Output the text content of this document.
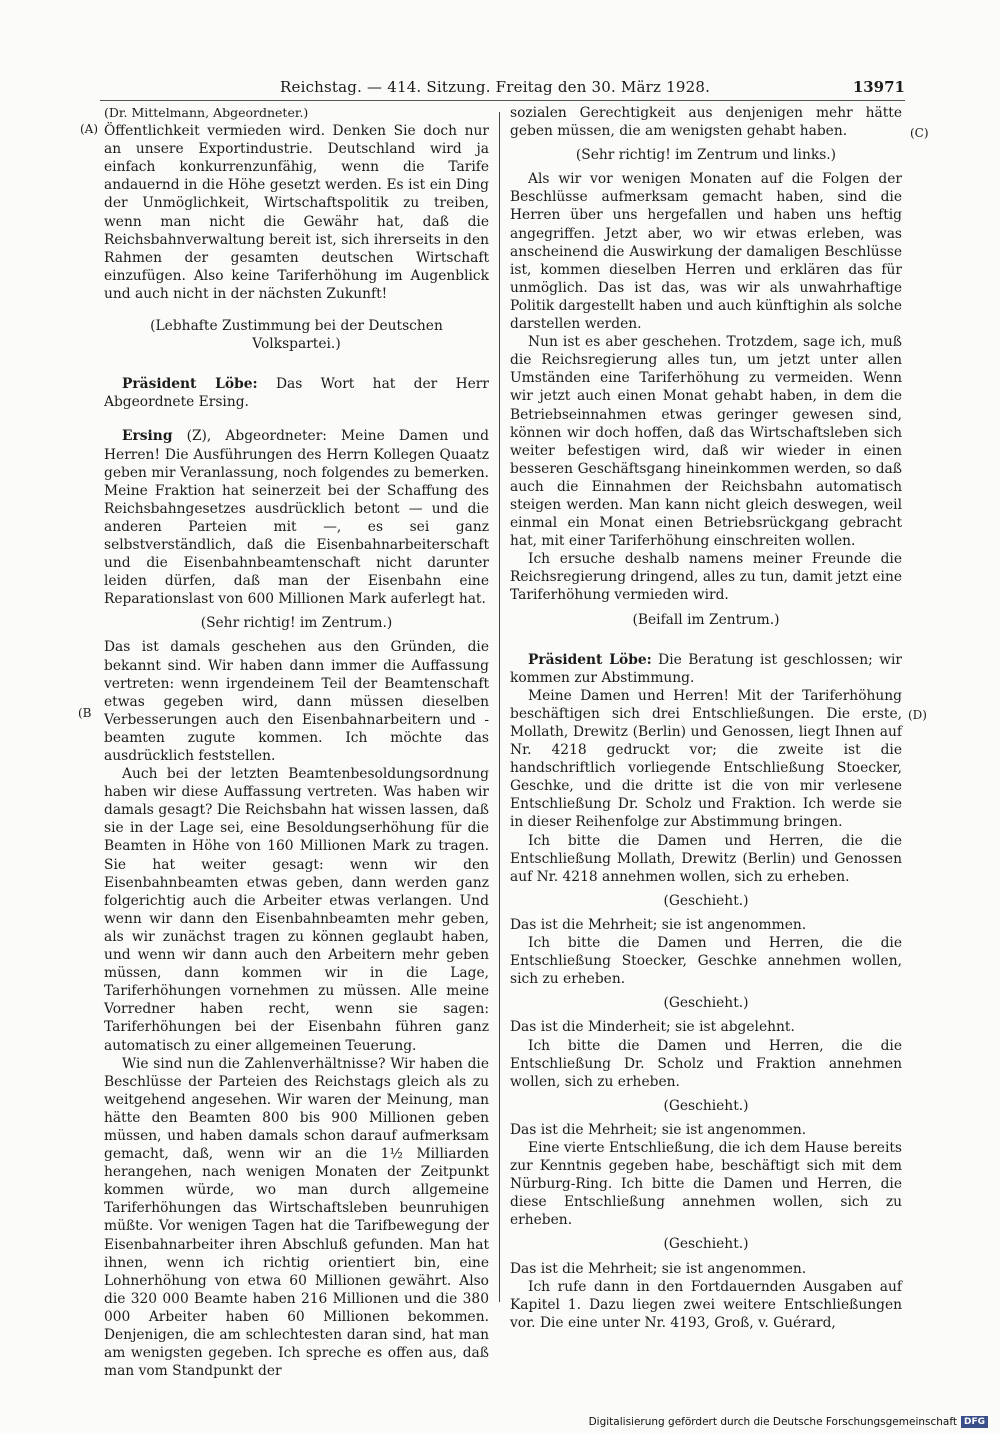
Reichstag. — 414. Sitzung. Freitag den 30. März 1928.	13971
(A)
(B
(C)
(D)

(Dr. Mittelmann, Abgeordneter.)

Öffentlichkeit vermieden wird. Denken Sie doch nur an unsere Exportindustrie. Deutschland wird ja einfach konkurrenzunfähig, wenn die Tarife andauernd in die Höhe gesetzt werden. Es ist ein Ding der Unmöglichkeit, Wirtschaftspolitik zu treiben, wenn man nicht die Gewähr hat, daß die Reichsbahnverwaltung bereit ist, sich ihrerseits in den Rahmen der gesamten deutschen Wirtschaft einzufügen. Also keine Tariferhöhung im Augenblick und auch nicht in der nächsten Zukunft!

(Lebhafte Zustimmung bei der Deutschen Volkspartei.)

Präsident Löbe: Das Wort hat der Herr Abgeordnete Ersing.

Ersing (Z), Abgeordneter: Meine Damen und Herren! Die Ausführungen des Herrn Kollegen Quaatz geben mir Veranlassung, noch folgendes zu bemerken. Meine Fraktion hat seinerzeit bei der Schaffung des Reichsbahngesetzes ausdrücklich betont — und die anderen Parteien mit —, es sei ganz selbstverständlich, daß die Eisenbahnarbeiterschaft und die Eisenbahnbeamtenschaft nicht darunter leiden dürfen, daß man der Eisenbahn eine Reparationslast von 600 Millionen Mark auferlegt hat.

(Sehr richtig! im Zentrum.)

Das ist damals geschehen aus den Gründen, die bekannt sind. Wir haben dann immer die Auffassung vertreten: wenn irgendeinem Teil der Beamtenschaft etwas gegeben wird, dann müssen dieselben Verbesserungen auch den Eisenbahnarbeitern und -beamten zugute kommen. Ich möchte das ausdrücklich feststellen.

Auch bei der letzten Beamtenbesoldungsordnung haben wir diese Auffassung vertreten. Was haben wir damals gesagt? Die Reichsbahn hat wissen lassen, daß sie in der Lage sei, eine Besoldungserhöhung für die Beamten in Höhe von 160 Millionen Mark zu tragen. Sie hat weiter gesagt: wenn wir den Eisenbahnbeamten etwas geben, dann werden ganz folgerichtig auch die Arbeiter etwas verlangen. Und wenn wir dann den Eisenbahnbeamten mehr geben, als wir zunächst tragen zu können geglaubt haben, und wenn wir dann auch den Arbeitern mehr geben müssen, dann kommen wir in die Lage, Tariferhöhungen vornehmen zu müssen. Alle meine Vorredner haben recht, wenn sie sagen: Tariferhöhungen bei der Eisenbahn führen ganz automatisch zu einer allgemeinen Teuerung.

Wie sind nun die Zahlenverhältnisse? Wir haben die Beschlüsse der Parteien des Reichstags gleich als zu weitgehend angesehen. Wir waren der Meinung, man hätte den Beamten 800 bis 900 Millionen geben müssen, und haben damals schon darauf aufmerksam gemacht, daß, wenn wir an die 1½ Milliarden herangehen, nach wenigen Monaten der Zeitpunkt kommen würde, wo man durch allgemeine Tariferhöhungen das Wirtschaftsleben beunruhigen müßte. Vor wenigen Tagen hat die Tarifbewegung der Eisenbahnarbeiter ihren Abschluß gefunden. Man hat ihnen, wenn ich richtig orientiert bin, eine Lohnerhöhung von etwa 60 Millionen gewährt. Also die 320 000 Beamte haben 216 Millionen und die 380 000 Arbeiter haben 60 Millionen bekommen. Denjenigen, die am schlechtesten daran sind, hat man am wenigsten gegeben. Ich spreche es offen aus, daß man vom Standpunkt der

sozialen Gerechtigkeit aus denjenigen mehr hätte geben müssen, die am wenigsten gehabt haben.

(Sehr richtig! im Zentrum und links.)

Als wir vor wenigen Monaten auf die Folgen der Beschlüsse aufmerksam gemacht haben, sind die Herren über uns hergefallen und haben uns heftig angegriffen. Jetzt aber, wo wir etwas erleben, was anscheinend die Auswirkung der damaligen Beschlüsse ist, kommen dieselben Herren und erklären das für unmöglich. Das ist das, was wir als unwahrhaftige Politik dargestellt haben und auch künftighin als solche darstellen werden.

Nun ist es aber geschehen. Trotzdem, sage ich, muß die Reichsregierung alles tun, um jetzt unter allen Umständen eine Tariferhöhung zu vermeiden. Wenn wir jetzt auch einen Monat gehabt haben, in dem die Betriebseinnahmen etwas geringer gewesen sind, können wir doch hoffen, daß das Wirtschaftsleben sich weiter befestigen wird, daß wir wieder in einen besseren Geschäftsgang hineinkommen werden, so daß auch die Einnahmen der Reichsbahn automatisch steigen werden. Man kann nicht gleich deswegen, weil einmal ein Monat einen Betriebsrückgang gebracht hat, mit einer Tariferhöhung einschreiten wollen.

Ich ersuche deshalb namens meiner Freunde die Reichsregierung dringend, alles zu tun, damit jetzt eine Tariferhöhung vermieden wird.

(Beifall im Zentrum.)

Präsident Löbe: Die Beratung ist geschlossen; wir kommen zur Abstimmung.

Meine Damen und Herren! Mit der Tariferhöhung beschäftigen sich drei Entschließungen. Die erste, Mollath, Drewitz (Berlin) und Genossen, liegt Ihnen auf Nr. 4218 gedruckt vor; die zweite ist die handschriftlich vorliegende Entschließung Stoecker, Geschke, und die dritte ist die von mir verlesene Entschließung Dr. Scholz und Fraktion. Ich werde sie in dieser Reihenfolge zur Abstimmung bringen.

Ich bitte die Damen und Herren, die die Entschließung Mollath, Drewitz (Berlin) und Genossen auf Nr. 4218 annehmen wollen, sich zu erheben.

(Geschieht.)

Das ist die Mehrheit; sie ist angenommen.

Ich bitte die Damen und Herren, die die Entschließung Stoecker, Geschke annehmen wollen, sich zu erheben.

(Geschieht.)

Das ist die Minderheit; sie ist abgelehnt.

Ich bitte die Damen und Herren, die die Entschließung Dr. Scholz und Fraktion annehmen wollen, sich zu erheben.

(Geschieht.)

Das ist die Mehrheit; sie ist angenommen.

Eine vierte Entschließung, die ich dem Hause bereits zur Kenntnis gegeben habe, beschäftigt sich mit dem Nürburg-Ring. Ich bitte die Damen und Herren, die diese Entschließung annehmen wollen, sich zu erheben.

(Geschieht.)

Das ist die Mehrheit; sie ist angenommen.

Ich rufe dann in den Fortdauernden Ausgaben auf Kapitel 1. Dazu liegen zwei weitere Entschließungen vor. Die eine unter Nr. 4193, Groß, v. Guérard,

Digitalisierung gefördert durch die Deutsche Forschungsgemeinschaft DFG
